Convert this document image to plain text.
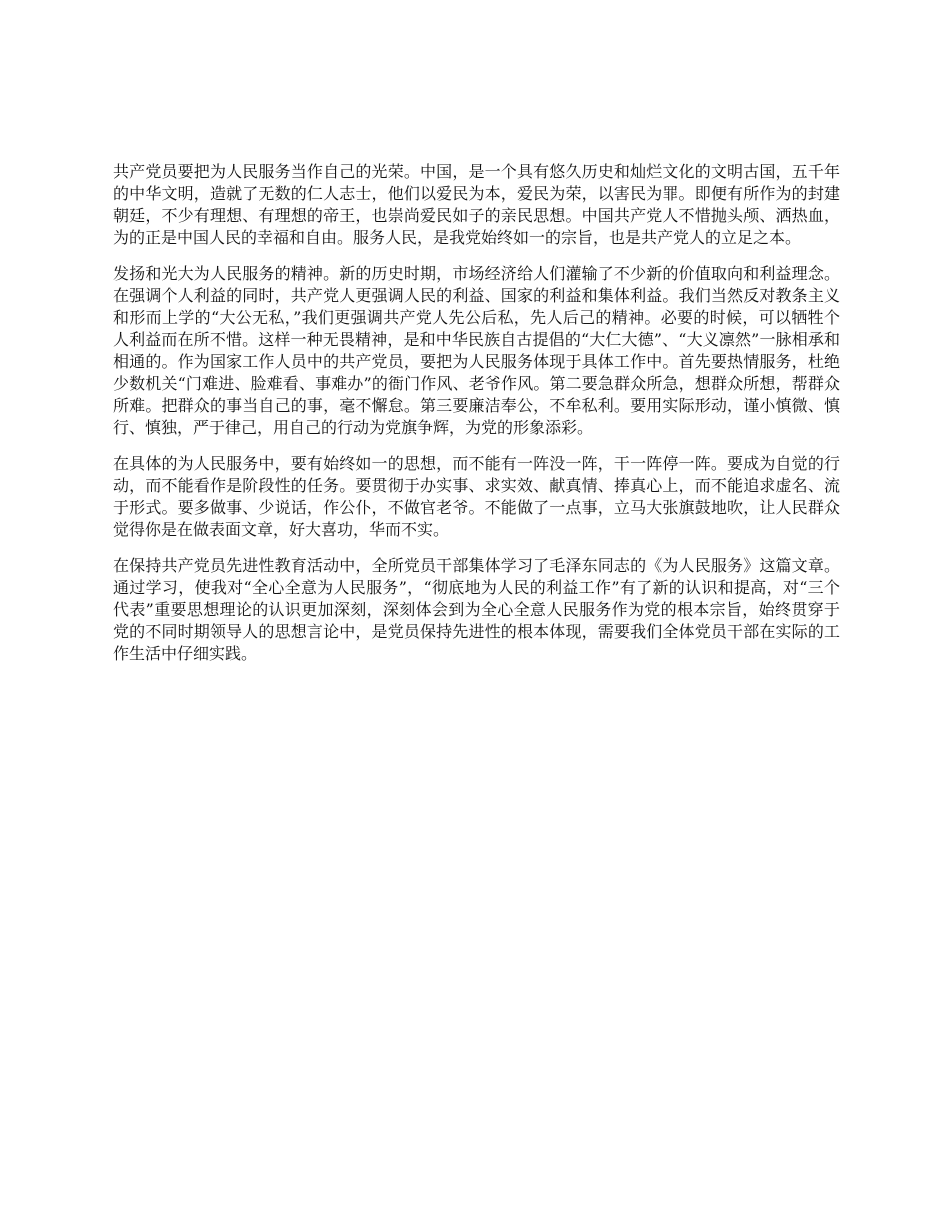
共产党员要把为人民服务当作自己的光荣。中国，是一个具有悠久历史和灿烂文化的文明古国，五千年的中华文明，造就了无数的仁人志士，他们以爱民为本，爱民为荣，以害民为罪。即便有所作为的封建朝廷，不少有理想、有理想的帝王，也崇尚爱民如子的亲民思想。中国共产党人不惜抛头颅、洒热血，为的正是中国人民的幸福和自由。服务人民，是我党始终如一的宗旨，也是共产党人的立足之本。

发扬和光大为人民服务的精神。新的历史时期，市场经济给人们灌输了不少新的价值取向和利益理念。在强调个人利益的同时，共产党人更强调人民的利益、国家的利益和集体利益。我们当然反对教条主义和形而上学的“大公无私，”我们更强调共产党人先公后私，先人后己的精神。必要的时候，可以牺牲个人利益而在所不惜。这样一种无畏精神，是和中华民族自古提倡的“大仁大德”、“大义凛然”一脉相承和相通的。作为国家工作人员中的共产党员，要把为人民服务体现于具体工作中。首先要热情服务，杜绝少数机关“门难进、脸难看、事难办”的衙门作风、老爷作风。第二要急群众所急，想群众所想，帮群众所难。把群众的事当自己的事，毫不懈怠。第三要廉洁奉公，不牟私利。要用实际形动，谨小慎微、慎行、慎独，严于律己，用自己的行动为党旗争辉，为党的形象添彩。

在具体的为人民服务中，要有始终如一的思想，而不能有一阵没一阵，干一阵停一阵。要成为自觉的行动，而不能看作是阶段性的任务。要贯彻于办实事、求实效、献真情、捧真心上，而不能追求虚名、流于形式。要多做事、少说话，作公仆，不做官老爷。不能做了一点事，立马大张旗鼓地吹，让人民群众觉得你是在做表面文章，好大喜功，华而不实。

在保持共产党员先进性教育活动中，全所党员干部集体学习了毛泽东同志的《为人民服务》这篇文章。通过学习，使我对“全心全意为人民服务”，“彻底地为人民的利益工作”有了新的认识和提高，对“三个代表”重要思想理论的认识更加深刻，深刻体会到为全心全意人民服务作为党的根本宗旨，始终贯穿于党的不同时期领导人的思想言论中，是党员保持先进性的根本体现，需要我们全体党员干部在实际的工作生活中仔细实践。
